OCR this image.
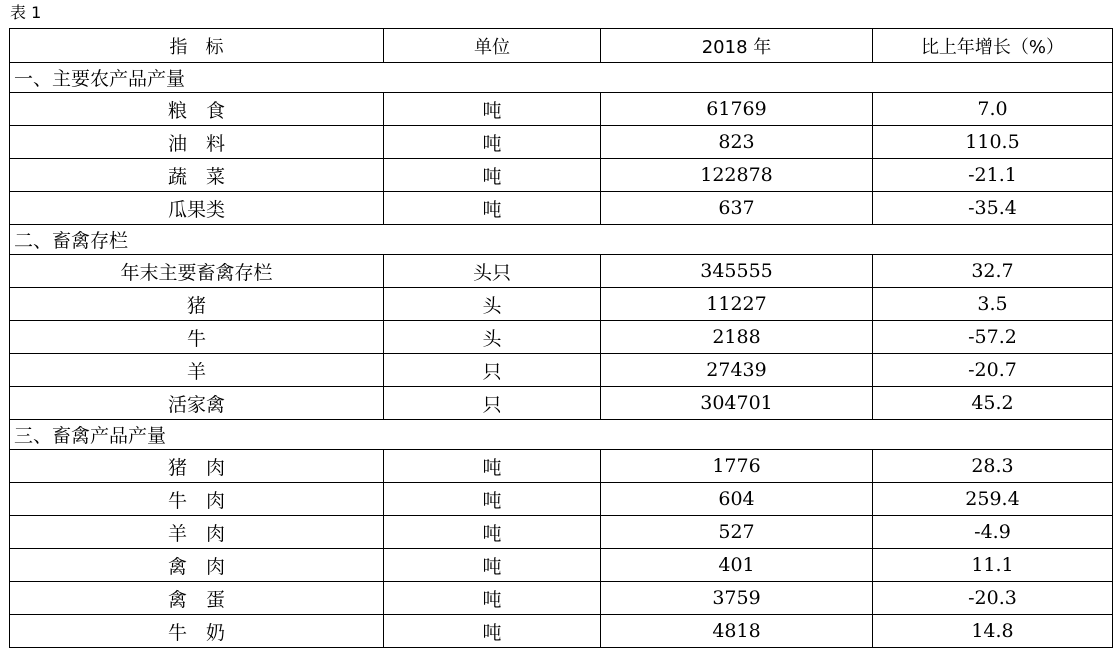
表 1
指　标	单位	2018 年	比上年增长（%）
一、主要农产品产量			
粮　食	吨	61769	7.0
油　料	吨	823	110.5
蔬　菜	吨	122878	-21.1
瓜果类	吨	637	-35.4
二、畜禽存栏			
年末主要畜禽存栏	头只	345555	32.7
猪	头	11227	3.5
牛	头	2188	-57.2
羊	只	27439	-20.7
活家禽	只	304701	45.2
三、畜禽产品产量			
猪　肉	吨	1776	28.3
牛　肉	吨	604	259.4
羊　肉	吨	527	-4.9
禽　肉	吨	401	11.1
禽　蛋	吨	3759	-20.3
牛　奶	吨	4818	14.8
